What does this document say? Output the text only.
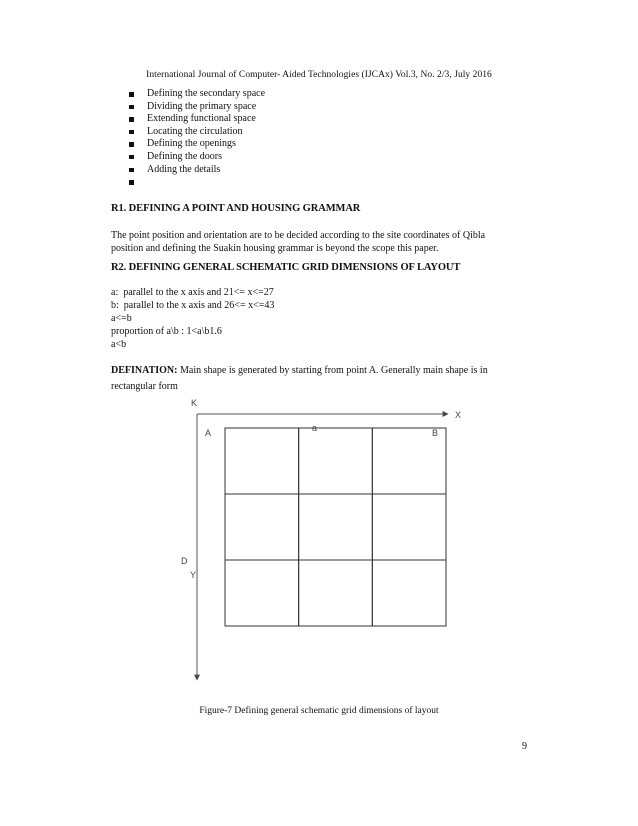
International Journal of Computer- Aided Technologies (IJCAx) Vol.3, No. 2/3, July 2016
Defining the secondary space
Dividing the primary space
Extending functional space
Locating the circulation
Defining the openings
Defining the doors
Adding the details
R1. DEFINING A POINT AND HOUSING GRAMMAR
The point position and orientation are to be decided according to the site coordinates of Qibla
position and defining the Suakin housing grammar is beyond the scope this paper.
R2. DEFINING GENERAL SCHEMATIC GRID DIMENSIONS OF LAYOUT
a:  parallel to the x axis and 21<= x<=27
b:  parallel to the x axis and 26<= x<=43
a<=b
proportion of a\b : 1<a\b1.6
a<b
DEFINATION: Main shape is generated by starting from point A. Generally main shape is in
rectangular form
K
X
A	a	B
D
Y
Figure-7 Defining general schematic grid dimensions of layout
9
